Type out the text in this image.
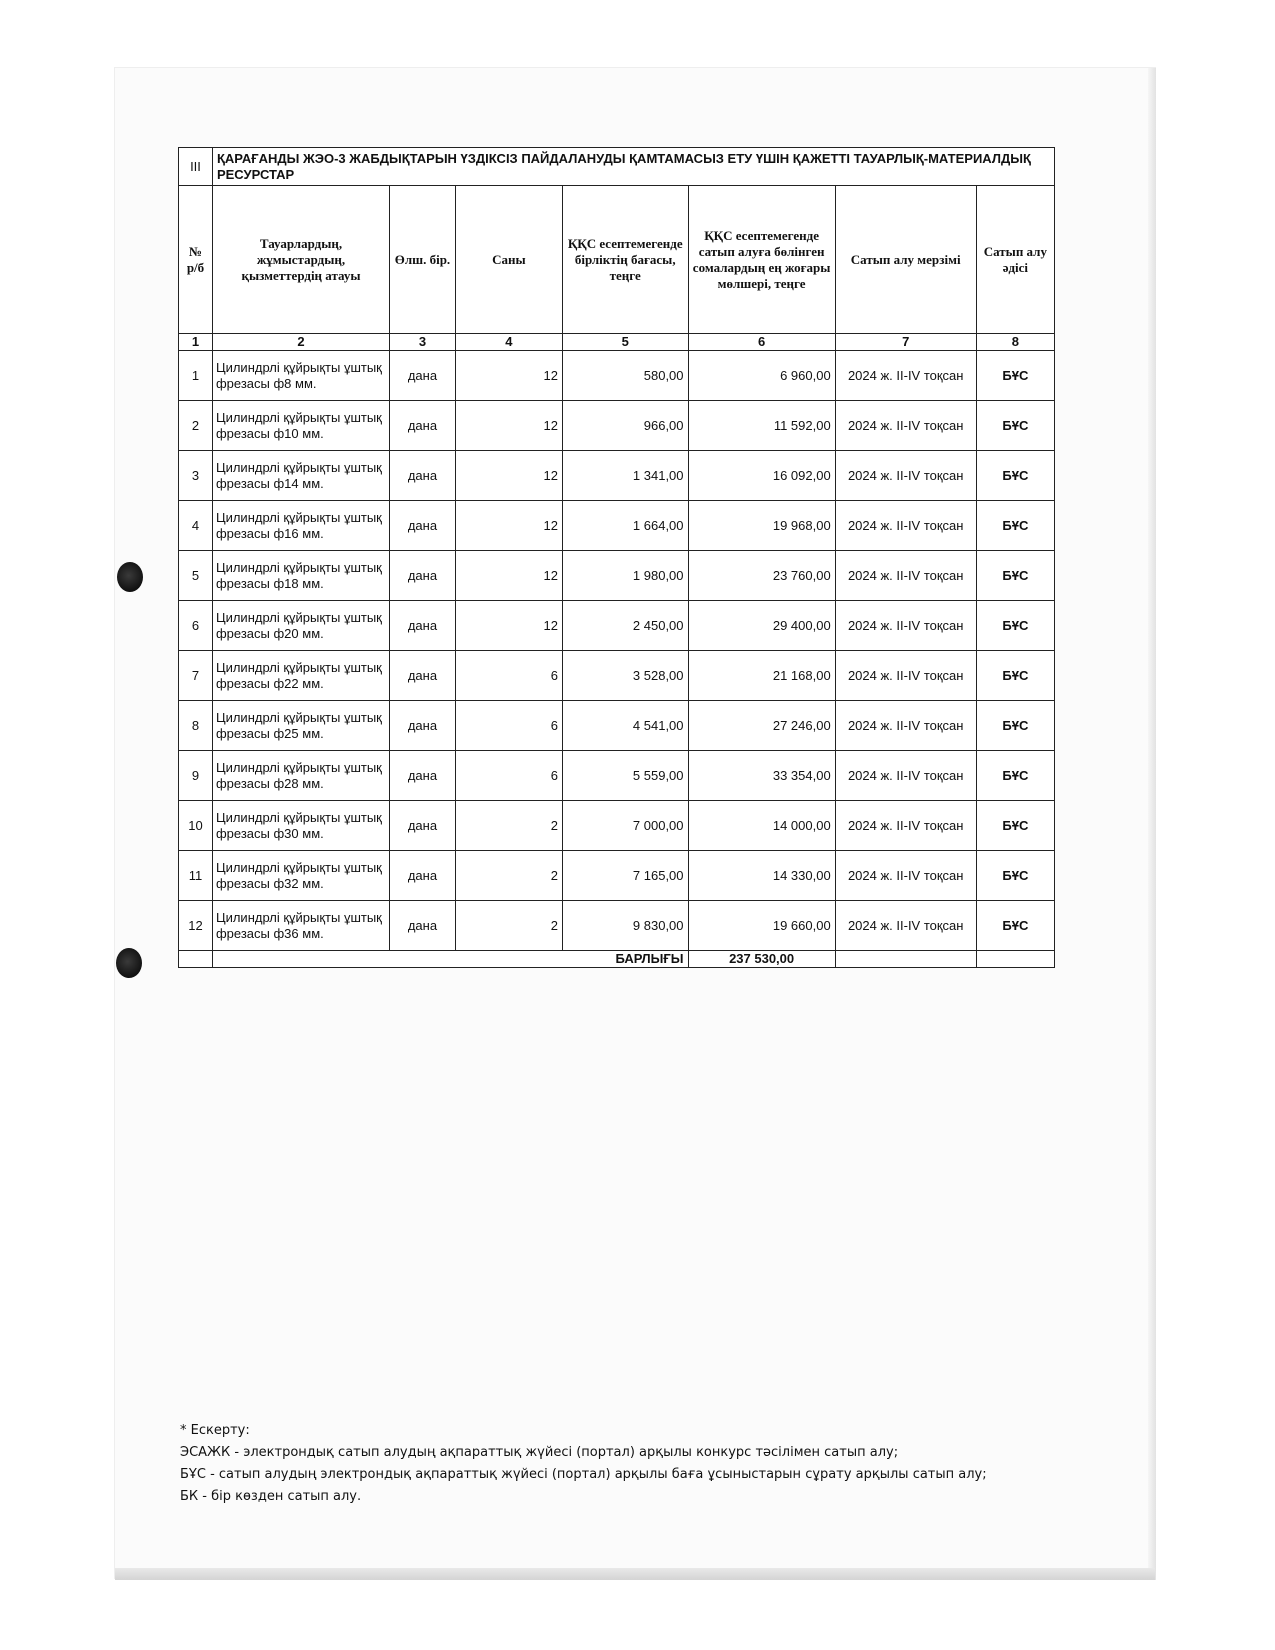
III	ҚАРАҒАНДЫ ЖЭО-3 ЖАБДЫҚТАРЫН ҮЗДІКСІЗ ПАЙДАЛАНУДЫ ҚАМТАМАСЫЗ ЕТУ ҮШІН ҚАЖЕТТІ ТАУАРЛЫҚ-МАТЕРИАЛДЫҚ РЕСУРСТАР						
№ р/б	Тауарлардың, жұмыстардың, қызметтердің атауы	Өлш. бір.	Саны	ҚҚС есептемегенде бірліктің бағасы, теңге	ҚҚС есептемегенде сатып алуға бөлінген сомалардың ең жоғары мөлшері, теңге	Сатып алу мерзімі	Сатып алу әдісі
1	2	3	4	5	6	7	8
1	Цилиндрлі құйрықты ұштық фрезасы ф8 мм.	дана	12	580,00	6 960,00	2024 ж. ІІ-ІV тоқсан	БҰС
2	Цилиндрлі құйрықты ұштық фрезасы ф10 мм.	дана	12	966,00	11 592,00	2024 ж. ІІ-ІV тоқсан	БҰС
3	Цилиндрлі құйрықты ұштық фрезасы ф14 мм.	дана	12	1 341,00	16 092,00	2024 ж. ІІ-ІV тоқсан	БҰС
4	Цилиндрлі құйрықты ұштық фрезасы ф16 мм.	дана	12	1 664,00	19 968,00	2024 ж. ІІ-ІV тоқсан	БҰС
5	Цилиндрлі құйрықты ұштық фрезасы ф18 мм.	дана	12	1 980,00	23 760,00	2024 ж. ІІ-ІV тоқсан	БҰС
6	Цилиндрлі құйрықты ұштық фрезасы ф20 мм.	дана	12	2 450,00	29 400,00	2024 ж. ІІ-ІV тоқсан	БҰС
7	Цилиндрлі құйрықты ұштық фрезасы ф22 мм.	дана	6	3 528,00	21 168,00	2024 ж. ІІ-ІV тоқсан	БҰС
8	Цилиндрлі құйрықты ұштық фрезасы ф25 мм.	дана	6	4 541,00	27 246,00	2024 ж. ІІ-ІV тоқсан	БҰС
9	Цилиндрлі құйрықты ұштық фрезасы ф28 мм.	дана	6	5 559,00	33 354,00	2024 ж. ІІ-ІV тоқсан	БҰС
10	Цилиндрлі құйрықты ұштық фрезасы ф30 мм.	дана	2	7 000,00	14 000,00	2024 ж. ІІ-ІV тоқсан	БҰС
11	Цилиндрлі құйрықты ұштық фрезасы ф32 мм.	дана	2	7 165,00	14 330,00	2024 ж. ІІ-ІV тоқсан	БҰС
12	Цилиндрлі құйрықты ұштық фрезасы ф36 мм.	дана	2	9 830,00	19 660,00	2024 ж. ІІ-ІV тоқсан	БҰС
	БАРЛЫҒЫ				237 530,00		
* Ескерту:
ЭСАЖК - электрондық сатып алудың ақпараттық жүйесі (портал) арқылы конкурс тәсілімен сатып алу;
БҰС - сатып алудың электрондық ақпараттық жүйесі (портал) арқылы баға ұсыныстарын сұрату арқылы сатып алу;
БК - бір көзден сатып алу.
